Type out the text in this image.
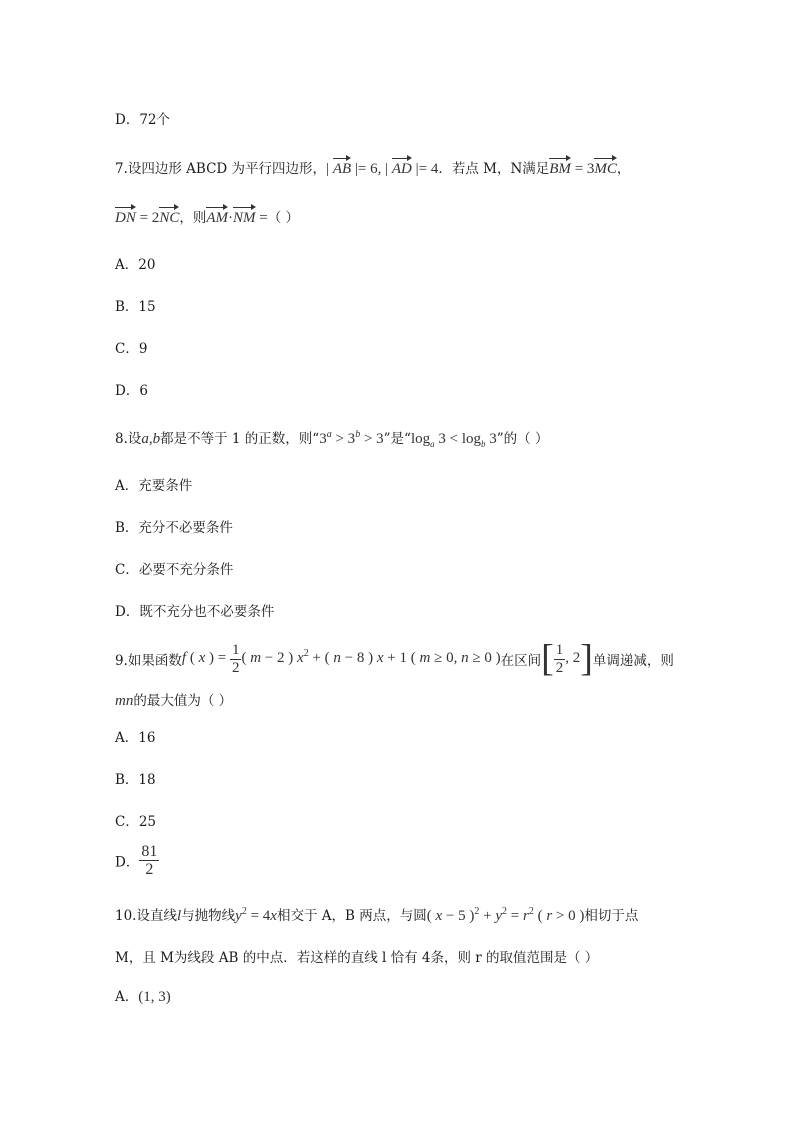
D．72个
7.设四边形 ABCD 为平行四边形，| AB |= 6, | AD |= 4．若点 M，N满足BM = 3MC，
DN = 2NC，则AM·NM =（ ）
A．20
B．15
C．9
D．6
8.设a,b都是不等于 1 的正数，则“$3^a > 3^b > 3$”是“$\log_a$ $3 < \log_b 3$”的（ ）
A．充要条件
B．充分不必要条件
C．必要不充分条件
D．既不充分也不必要条件
9.如果函数f ( x ) = $\frac{1}{2}$ ( m − 2 ) $x^2$ + ( n − 8 ) x + 1 ( m ≥ 0, n ≥ 0 )在区间[ $\frac{1}{2}$ , 2]单调递减，则
mn的最大值为（ ）
A．16
B．18
C．25
D． $\frac{81}{2}$
10.设直线l与抛物线$y^2 = 4x$相交于 A，B 两点，与圆( x − 5 )$^2 + y^2 = r^2$ ( r > 0 )相切于点
M，且 M为线段 AB 的中点．若这样的直线 l 恰有 4条，则 r 的取值范围是（ ）
A．(1, 3)
